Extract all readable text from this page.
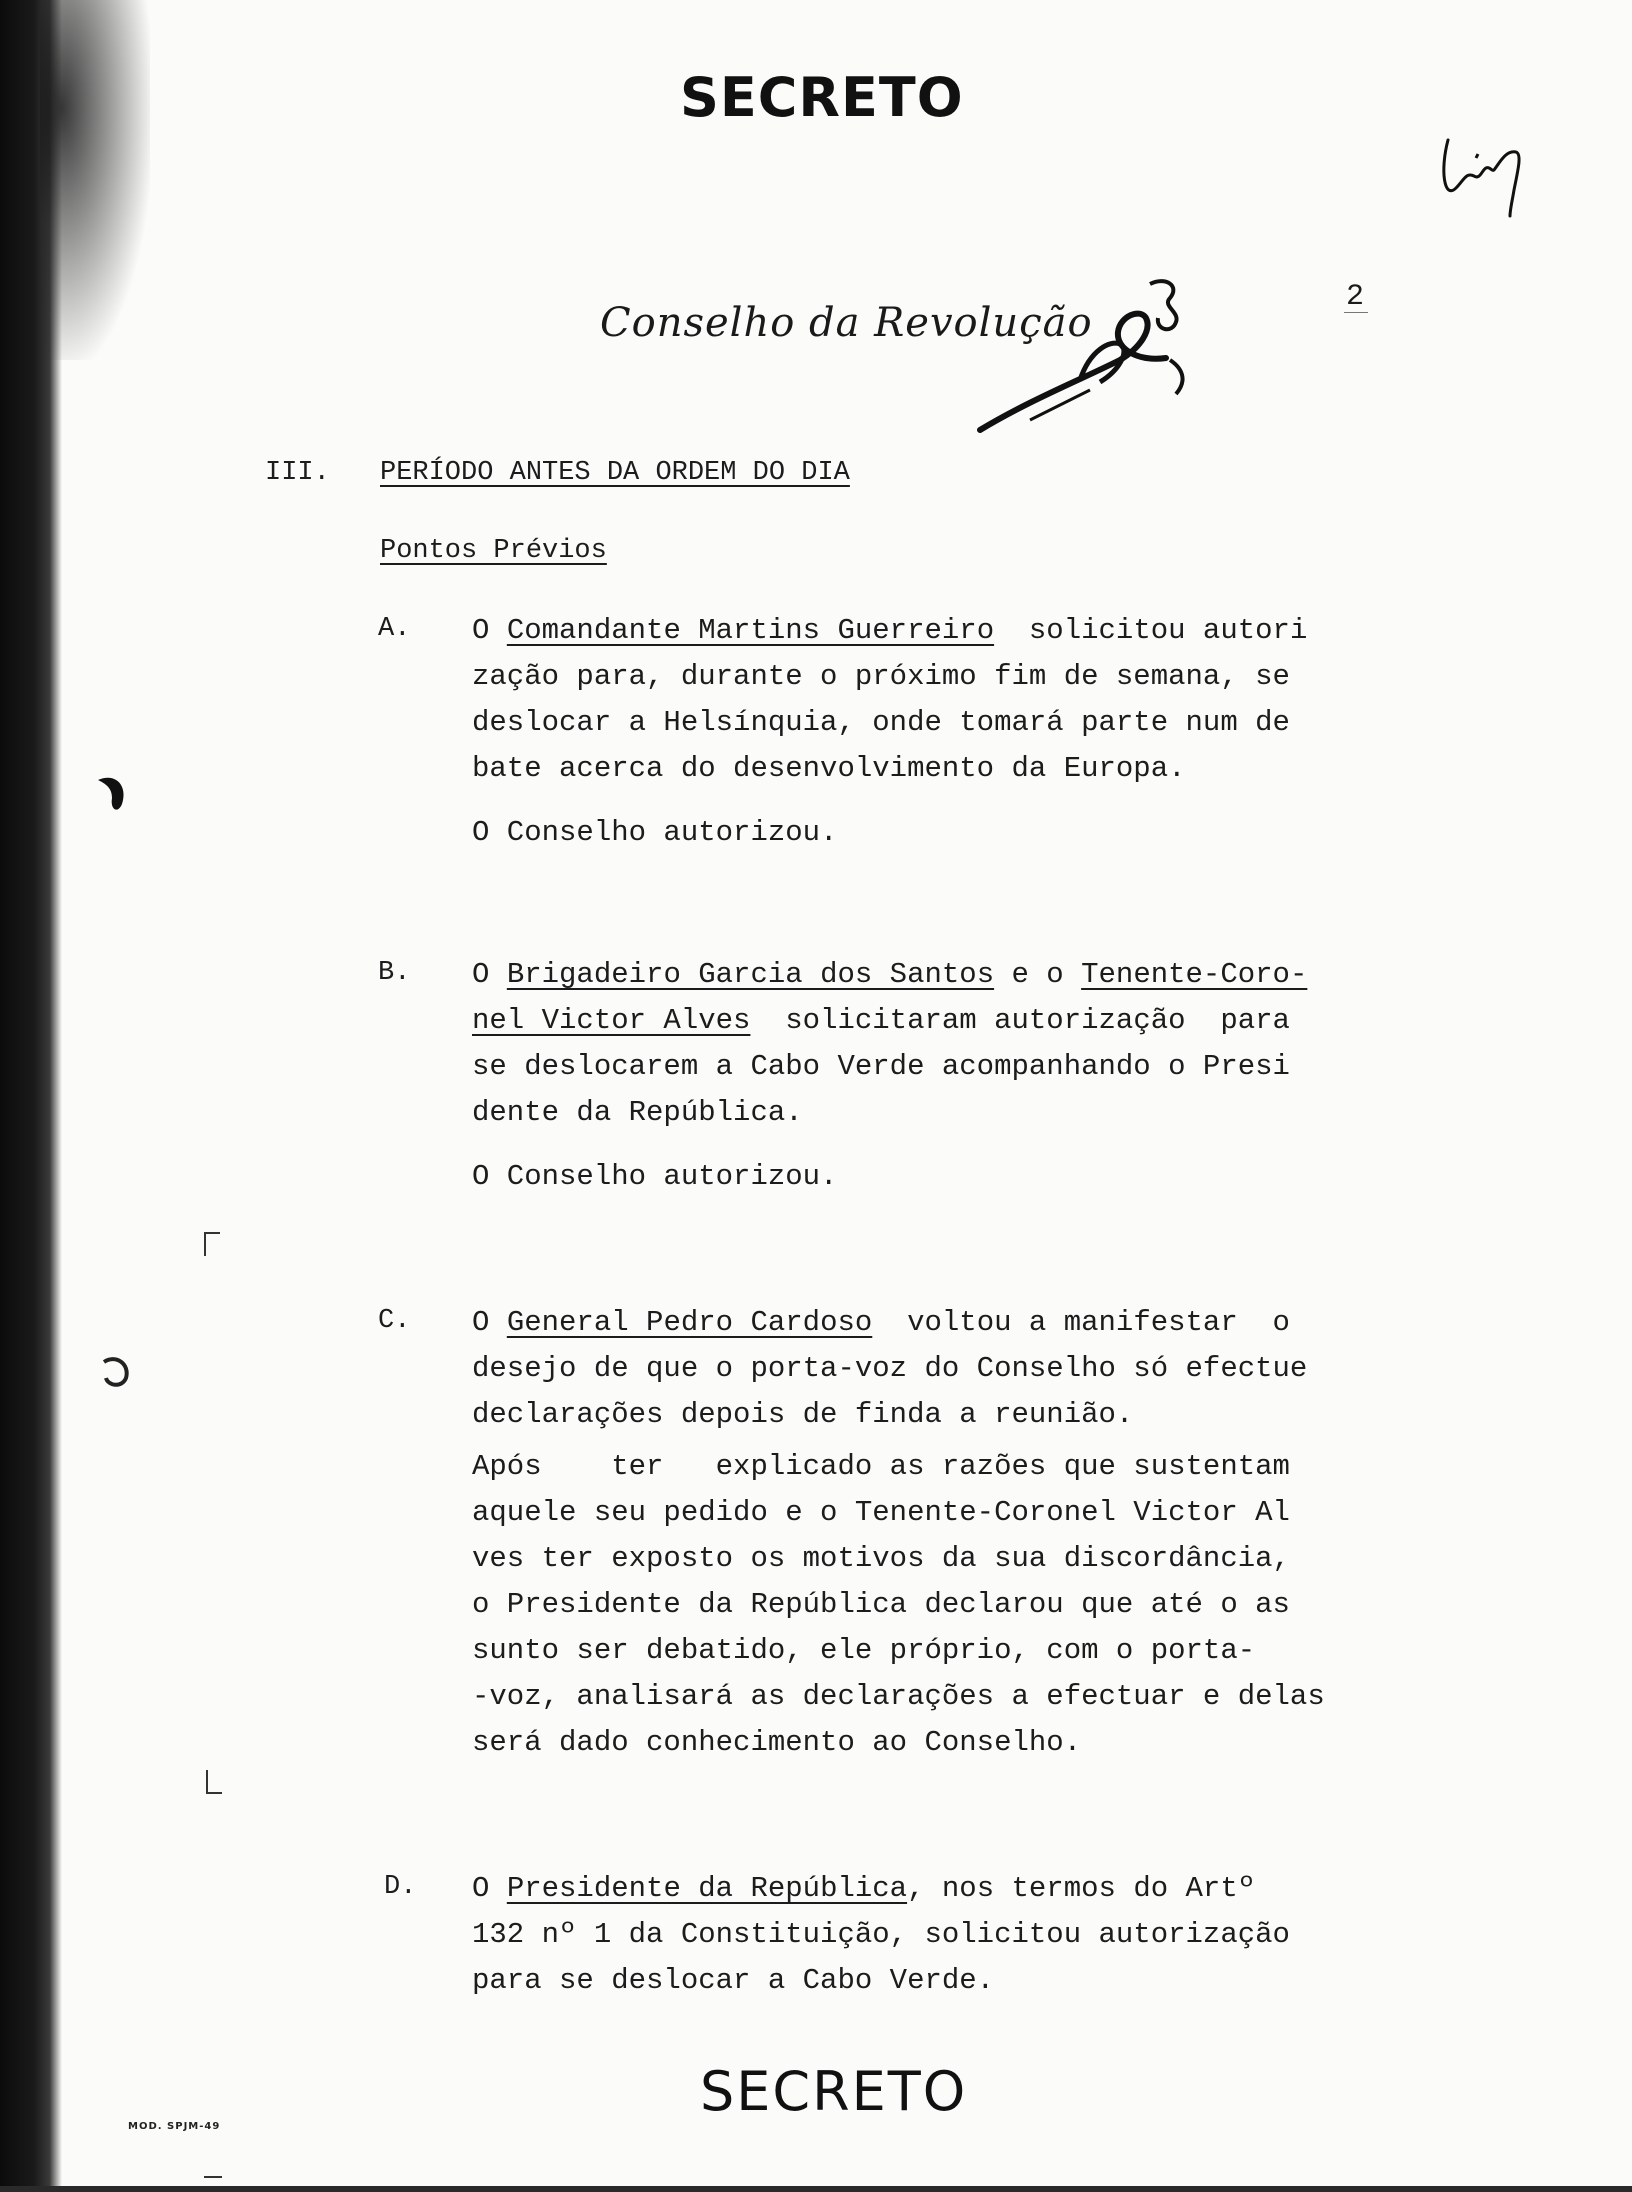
SECRETO
Conselho da Revolução
2
III. PERÍODO ANTES DA ORDEM DO DIA
Pontos Prévios
A. O Comandante Martins Guerreiro  solicitou autori
zação para, durante o próximo fim de semana, se
deslocar a Helsínquia, onde tomará parte num de
bate acerca do desenvolvimento da Europa.
O Conselho autorizou.
B. O Brigadeiro Garcia dos Santos e o Tenente-Coro-
nel Victor Alves  solicitaram autorização  para
se deslocarem a Cabo Verde acompanhando o Presi
dente da República.
O Conselho autorizou.
C. O General Pedro Cardoso  voltou a manifestar  o
desejo de que o porta-voz do Conselho só efectue
declarações depois de finda a reunião.
Após    ter   explicado as razões que sustentam
aquele seu pedido e o Tenente-Coronel Victor Al
ves ter exposto os motivos da sua discordância,
o Presidente da República declarou que até o as
sunto ser debatido, ele próprio, com o porta-
-voz, analisará as declarações a efectuar e delas
será dado conhecimento ao Conselho.
D. O Presidente da República, nos termos do Artº
132 nº 1 da Constituição, solicitou autorização
para se deslocar a Cabo Verde.
SECRETO
MOD. SPJM-49
